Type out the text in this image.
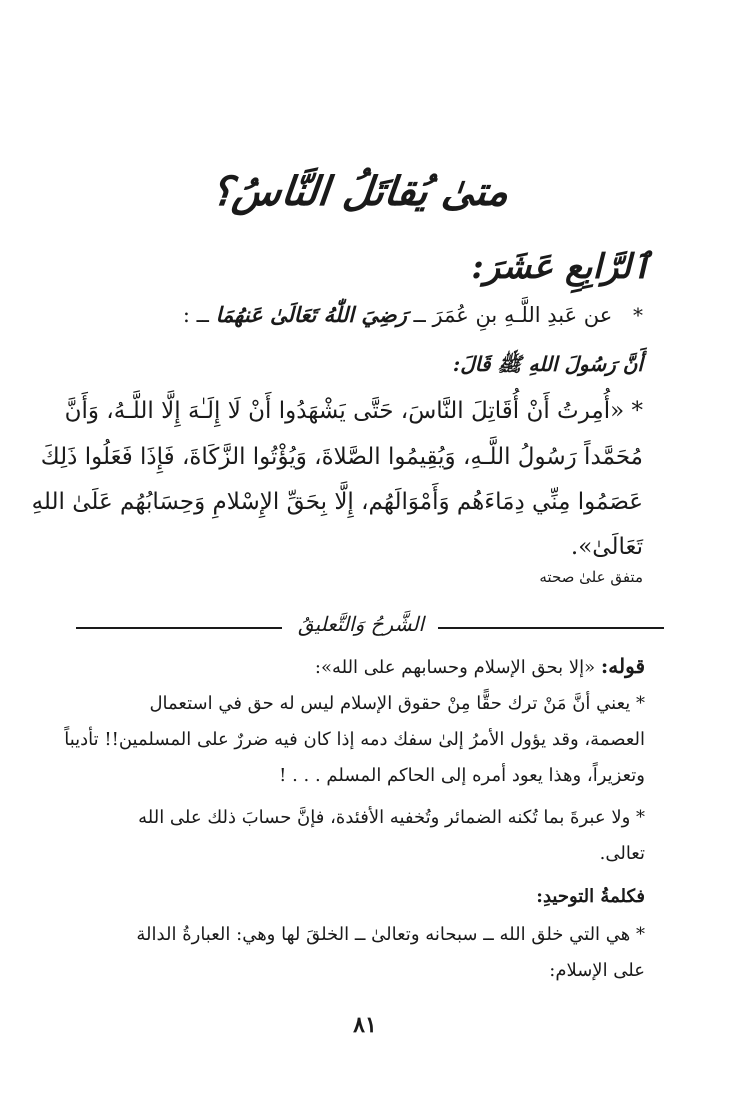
متىٰ يُقاتَلُ النَّاسُ؟
ٱلرَّابِعِ عَشَرَ:
* عن عَبدِ اللَّـهِ بنِ عُمَرَ ــ رَضِيَ اللّٰهُ تَعَالَىٰ عَنهُمَا ــ :
أَنَّ رَسُولَ اللهِ ﷺ قَالَ:
* «أُمِرتُ أَنْ أُقَاتِلَ النَّاسَ، حَتَّى يَشْهَدُوا أَنْ لَا إِلَـٰهَ إِلَّا اللَّـهُ، وَأَنَّ
مُحَمَّداً رَسُولُ اللَّـهِ، وَيُقِيمُوا الصَّلاةَ، وَيُؤْتُوا الزَّكَاةَ، فَإِذَا فَعَلُوا ذَلِكَ
عَصَمُوا مِنِّي دِمَاءَهُم وَأَمْوَالَهُم، إِلَّا بِحَقِّ الإِسْلامِ وَحِسَابُهُم عَلَىٰ اللهِ
تَعَالَىٰ».
متفق علىٰ صحته
الشَّرحُ وَالتَّعليقُ
قوله: «إلا بحق الإسلام وحسابهم على الله»:
* يعني أنَّ مَنْ ترك حقًّا مِنْ حقوق الإسلام ليس له حق في استعمال
العصمة، وقد يؤول الأمرُ إلىٰ سفك دمه إذا كان فيه ضررٌ على المسلمين!! تأديباً
وتعزيراً، وهذا يعود أمره إلى الحاكم المسلم . . . !
* ولا عبرةَ بما تُكنه الضمائر وتُخفيه الأفئدة، فإنَّ حسابَ ذلك على الله
تعالى.
فكلمةُ التوحيدِ:
* هي التي خلق الله ــ سبحانه وتعالىٰ ــ الخلقَ لها وهي: العبارةُ الدالة
على الإسلام:
٨١
